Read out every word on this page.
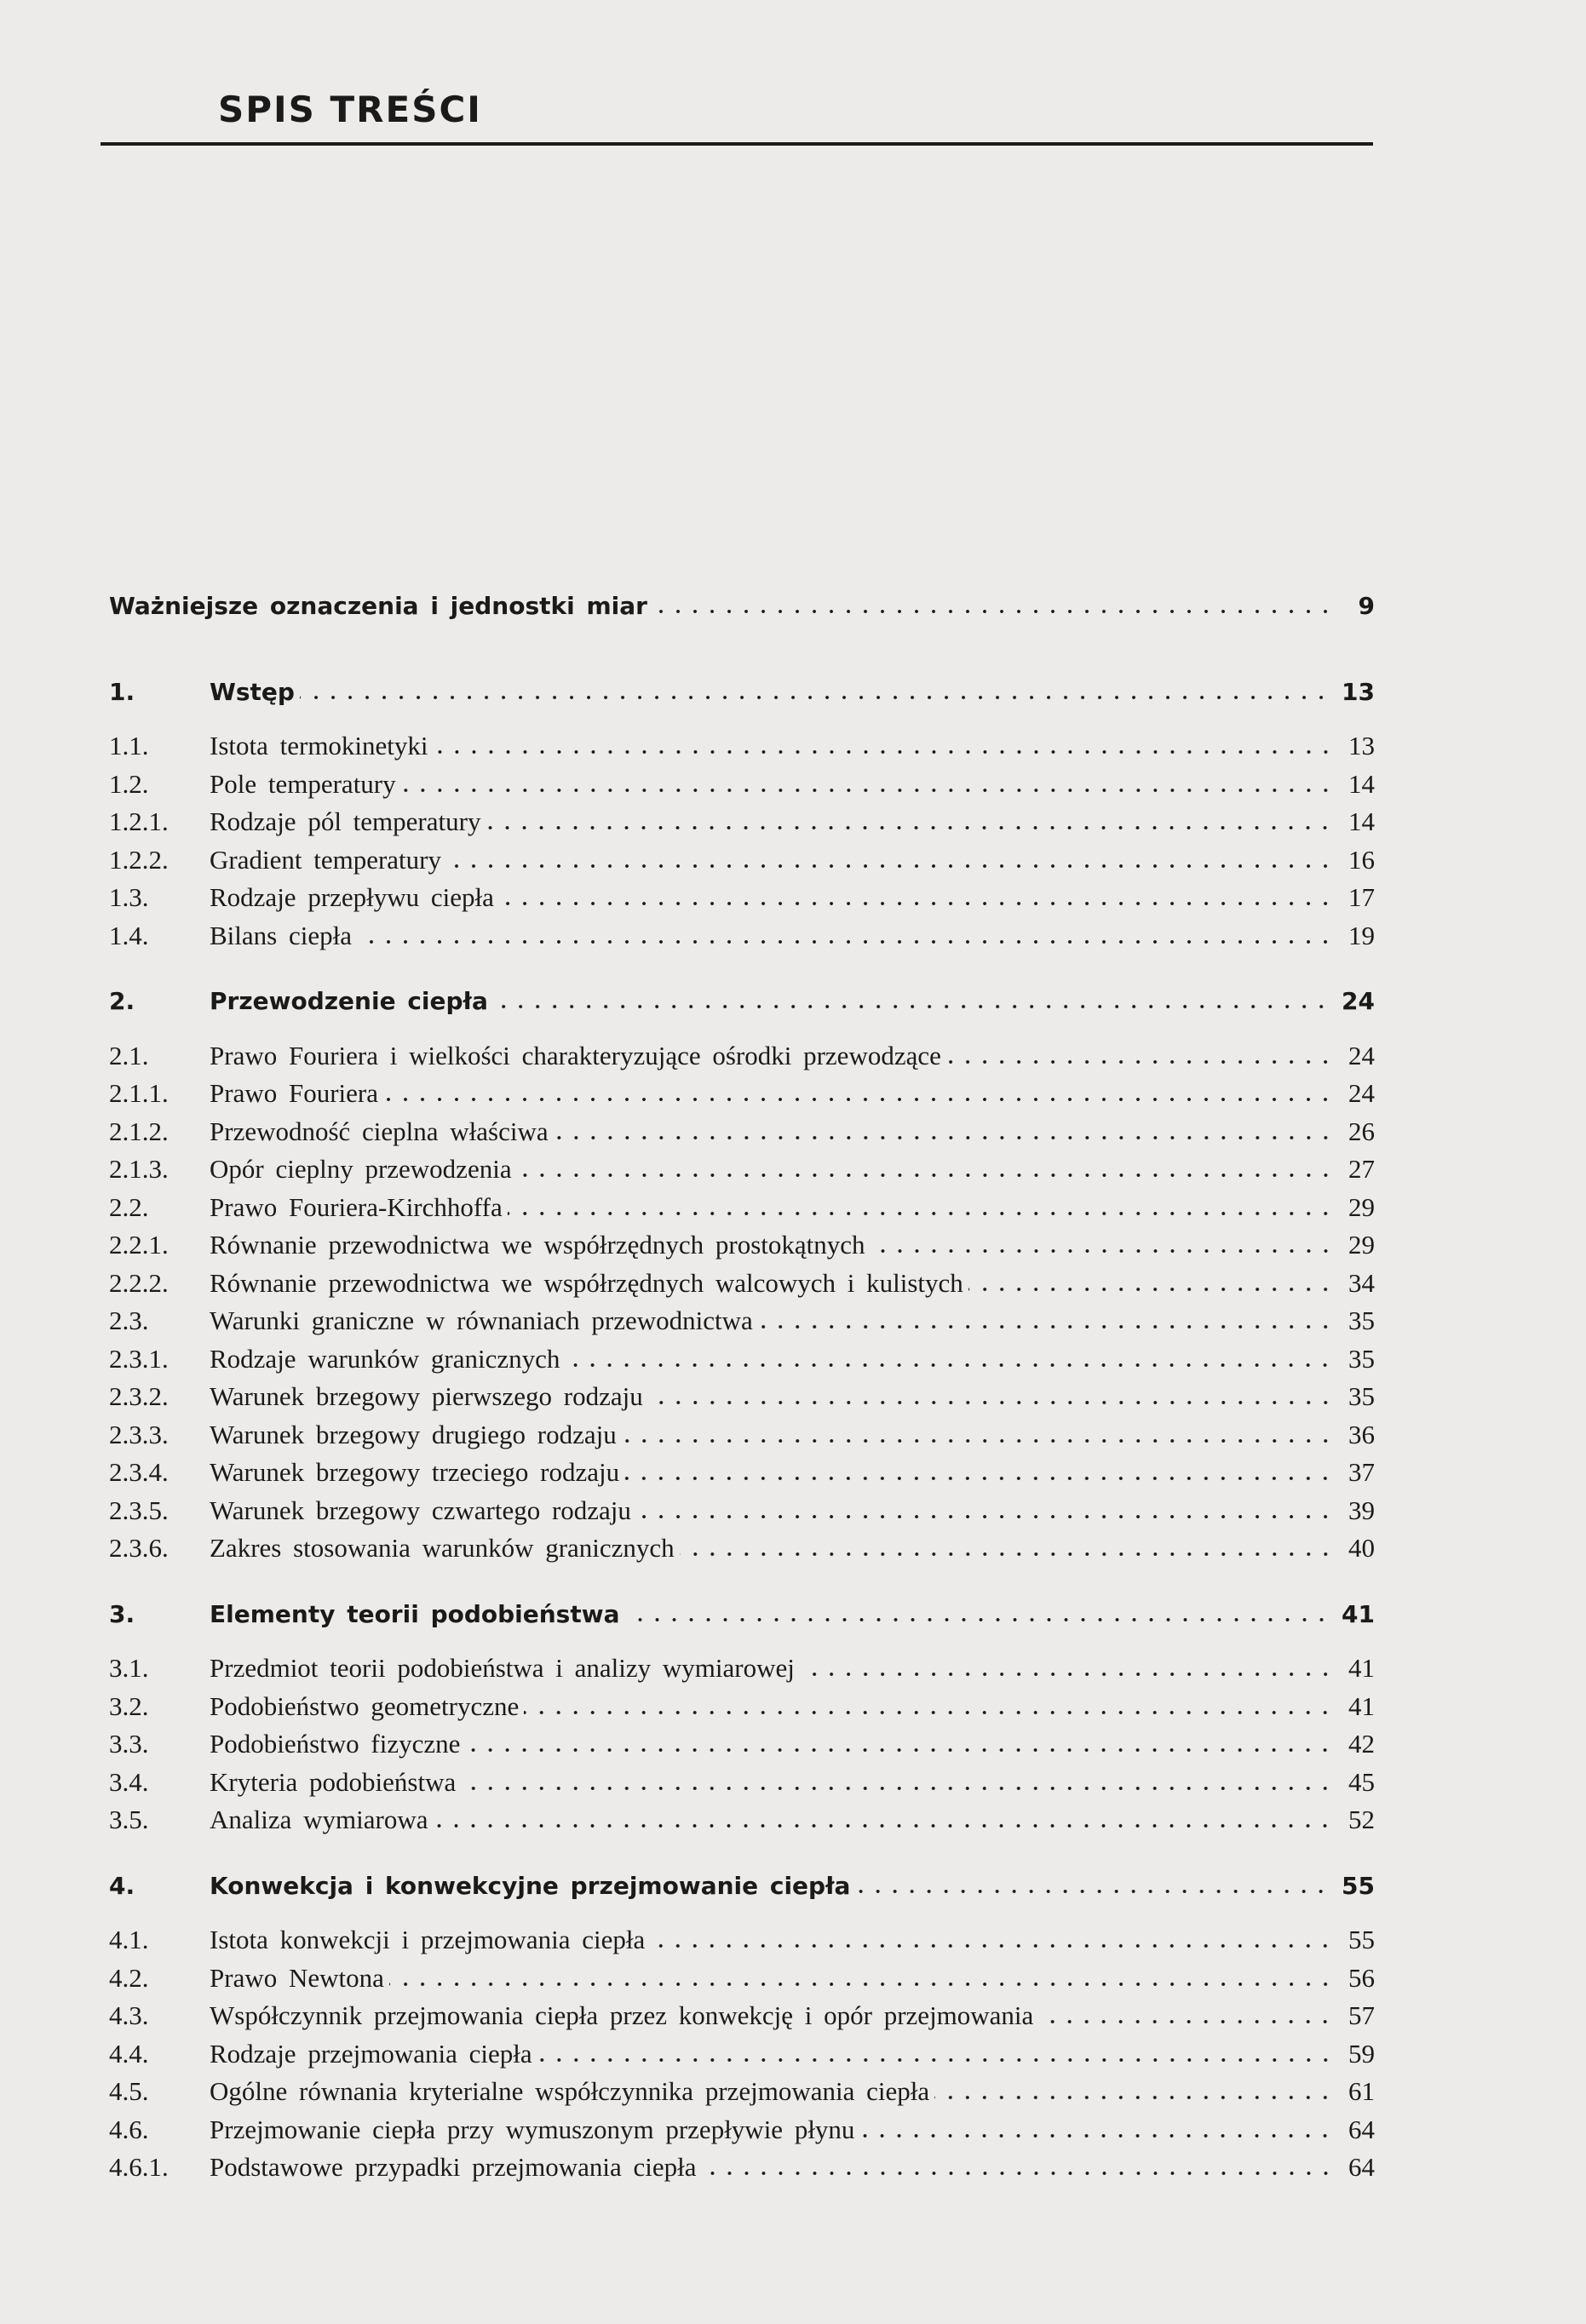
SPIS TREŚCI
Ważniejsze oznaczenia i jednostki miar	9
1.	Wstęp	13
1.1.	Istota termokinetyki	13
1.2.	Pole temperatury	14
1.2.1.	Rodzaje pól temperatury	14
1.2.2.	Gradient temperatury	16
1.3.	Rodzaje przepływu ciepła	17
1.4.	Bilans ciepła	19
2.	Przewodzenie ciepła	24
2.1.	Prawo Fouriera i wielkości charakteryzujące ośrodki przewodzące	24
2.1.1.	Prawo Fouriera	24
2.1.2.	Przewodność cieplna właściwa	26
2.1.3.	Opór cieplny przewodzenia	27
2.2.	Prawo Fouriera-Kirchhoffa	29
2.2.1.	Równanie przewodnictwa we współrzędnych prostokątnych	29
2.2.2.	Równanie przewodnictwa we współrzędnych walcowych i kulistych	34
2.3.	Warunki graniczne w równaniach przewodnictwa	35
2.3.1.	Rodzaje warunków granicznych	35
2.3.2.	Warunek brzegowy pierwszego rodzaju	35
2.3.3.	Warunek brzegowy drugiego rodzaju	36
2.3.4.	Warunek brzegowy trzeciego rodzaju	37
2.3.5.	Warunek brzegowy czwartego rodzaju	39
2.3.6.	Zakres stosowania warunków granicznych	40
3.	Elementy teorii podobieństwa	41
3.1.	Przedmiot teorii podobieństwa i analizy wymiarowej	41
3.2.	Podobieństwo geometryczne	41
3.3.	Podobieństwo fizyczne	42
3.4.	Kryteria podobieństwa	45
3.5.	Analiza wymiarowa	52
4.	Konwekcja i konwekcyjne przejmowanie ciepła	55
4.1.	Istota konwekcji i przejmowania ciepła	55
4.2.	Prawo Newtona	56
4.3.	Współczynnik przejmowania ciepła przez konwekcję i opór przejmowania	57
4.4.	Rodzaje przejmowania ciepła	59
4.5.	Ogólne równania kryterialne współczynnika przejmowania ciepła	61
4.6.	Przejmowanie ciepła przy wymuszonym przepływie płynu	64
4.6.1.	Podstawowe przypadki przejmowania ciepła	64
